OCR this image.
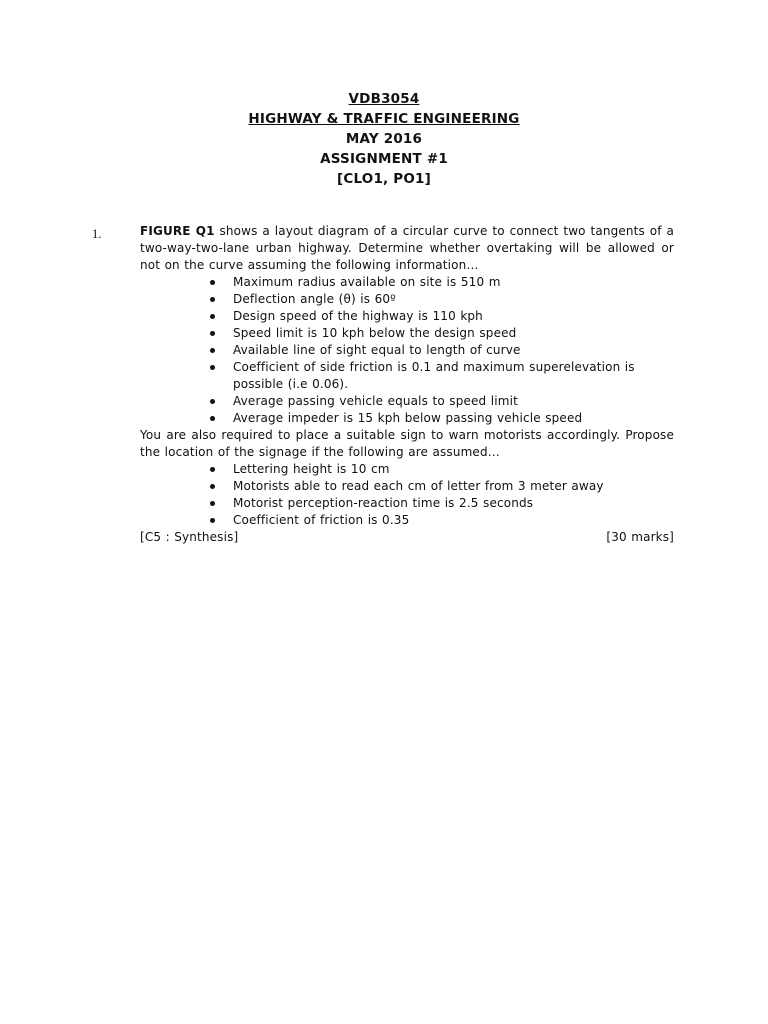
VDB3054
HIGHWAY & TRAFFIC ENGINEERING
MAY 2016
ASSIGNMENT #1
[CLO1, PO1]
1.	FIGURE Q1 shows a layout diagram of a circular curve to connect two tangents of a two-way-two-lane urban highway. Determine whether overtaking will be allowed or not on the curve assuming the following information…

Maximum radius available on site is 510 m
Deflection angle (θ) is 60º
Design speed of the highway is 110 kph
Speed limit is 10 kph below the design speed
Available line of sight equal to length of curve
Coefficient of side friction is 0.1 and maximum superelevation is possible (i.e 0.06).
Average passing vehicle equals to speed limit
Average impeder is 15 kph below passing vehicle speed

You are also required to place a suitable sign to warn motorists accordingly. Propose the location of the signage if the following are assumed…

Lettering height is 10 cm
Motorists able to read each cm of letter from 3 meter away
Motorist perception-reaction time is 2.5 seconds
Coefficient of friction is 0.35
[C5 : Synthesis]	[30 marks]
